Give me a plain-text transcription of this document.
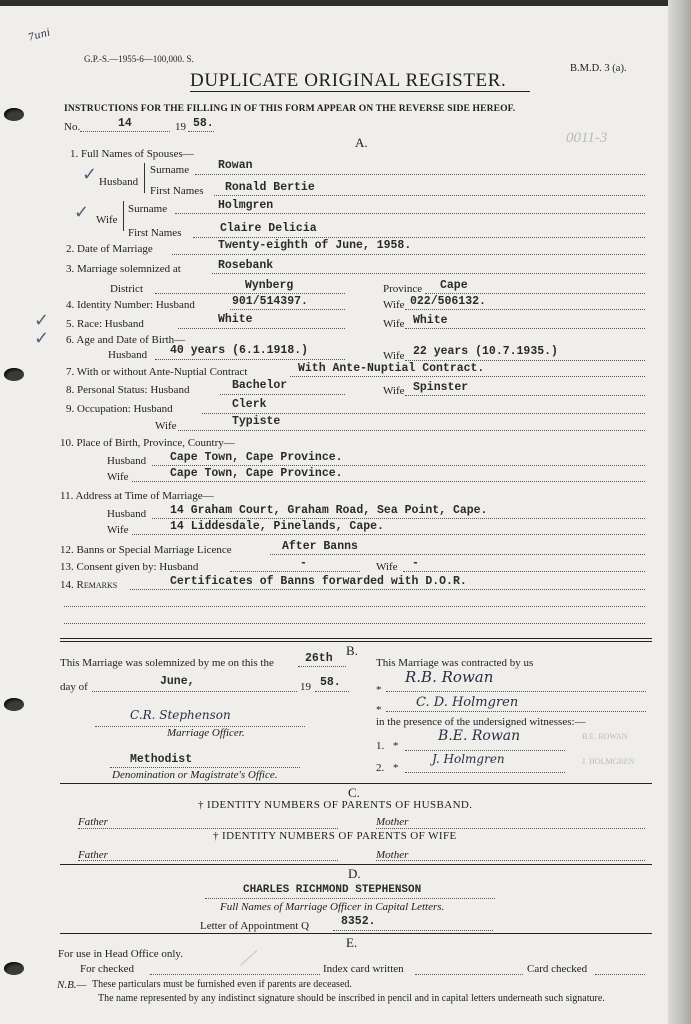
7uni
G.P.-S.—1955-6—100,000. S.
B.M.D. 3 (a).
DUPLICATE ORIGINAL REGISTER.
INSTRUCTIONS FOR THE FILLING IN OF THIS FORM APPEAR ON THE REVERSE SIDE HEREOF.
No.	14	19 58.
0011-3
A.
1. Full Names of Spouses—
✓ Husband
Surname	Rowan
First Names Ronald Bertie
✓ Wife
Surname	Holmgren
First Names	Claire Delicia
2. Date of Marriage	Twenty-eighth of June, 1958.
3. Marriage solemnized at	Rosebank
District	Wynberg	Province Cape
4. Identity Number: Husband	901/514397.	Wife 022/506132.
✓ 5. Race: Husband	White	Wife White
✓ 6. Age and Date of Birth—
Husband 40 years (6.1.1918.)	Wife 22 years (10.7.1935.)
7. With or without Ante-Nuptial Contract	With Ante-Nuptial Contract.
8. Personal Status: Husband	Bachelor	Wife Spinster
9. Occupation: Husband	Clerk
Wife	Typiste
10. Place of Birth, Province, Country—
Husband Cape Town, Cape Province.
Wife	Cape Town, Cape Province.
11. Address at Time of Marriage—
Husband 14 Graham Court, Graham Road, Sea Point, Cape.
Wife	14 Liddesdale, Pinelands, Cape.
12. Banns or Special Marriage Licence	After Banns
13. Consent given by: Husband	-	Wife -
14. Remarks	Certificates of Banns forwarded with D.O.R.
B.
This Marriage was solemnized by me on this the	26th
day of	June,	19 58.
This Marriage was contracted by us
*
R.B. Rowan
*	C. D. Holmgren
C.R. Stephenson
Marriage Officer.
in the presence of the undersigned witnesses:—
1. *
B.E. Rowan	B.E. ROWAN
2. *
J. Holmgren	J. HOLMGREN
Methodist
Denomination or Magistrate's Office.
C.
† IDENTITY NUMBERS OF PARENTS OF HUSBAND.
Father	Mother
† IDENTITY NUMBERS OF PARENTS OF WIFE
Father	Mother
D.
CHARLES RICHMOND STEPHENSON
Full Names of Marriage Officer in Capital Letters.
Letter of Appointment Q	8352.
E.
For use in Head Office only.
For checked	⟋	Index card written	Card checked
N.B.— These particulars must be furnished even if parents are deceased.
The name represented by any indistinct signature should be inscribed in pencil and in capital letters underneath such signature.
